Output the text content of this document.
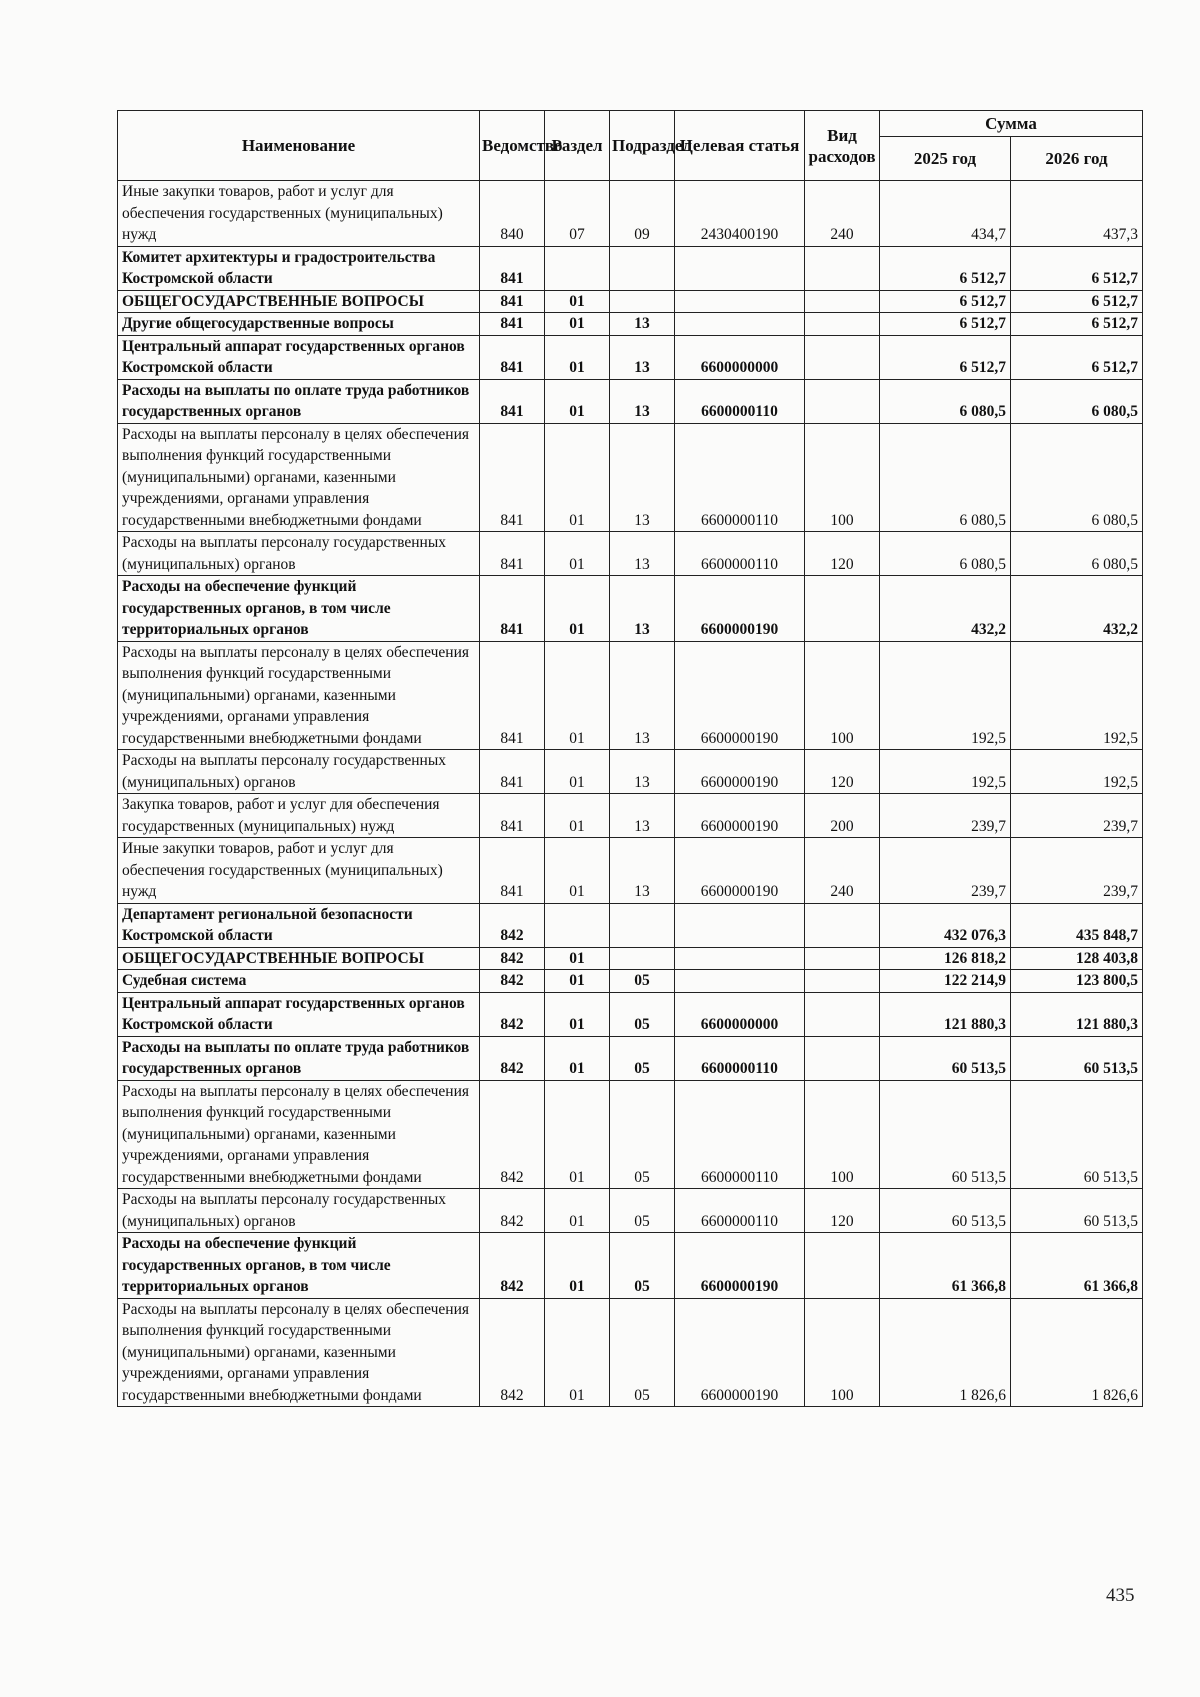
Наименование	Ведомство	Раздел	Подраздел	Целевая статья	Вид расходов	Сумма	
						2025 год	2026 год
Иные закупки товаров, работ и услуг для обеспечения государственных (муниципальных) нужд	840	07	09	2430400190	240	434,7	437,3
Комитет архитектуры и градостроительства Костромской области	841					6 512,7	6 512,7
ОБЩЕГОСУДАРСТВЕННЫЕ ВОПРОСЫ	841	01				6 512,7	6 512,7
Другие общегосударственные вопросы	841	01	13			6 512,7	6 512,7
Центральный аппарат государственных органов Костромской области	841	01	13	6600000000		6 512,7	6 512,7
Расходы на выплаты по оплате труда работников государственных органов	841	01	13	6600000110		6 080,5	6 080,5
Расходы на выплаты персоналу в целях обеспечения выполнения функций государственными (муниципальными) органами, казенными учреждениями, органами управления государственными внебюджетными фондами	841	01	13	6600000110	100	6 080,5	6 080,5
Расходы на выплаты персоналу государственных (муниципальных) органов	841	01	13	6600000110	120	6 080,5	6 080,5
Расходы на обеспечение функций государственных органов, в том числе территориальных органов	841	01	13	6600000190		432,2	432,2
Расходы на выплаты персоналу в целях обеспечения выполнения функций государственными (муниципальными) органами, казенными учреждениями, органами управления государственными внебюджетными фондами	841	01	13	6600000190	100	192,5	192,5
Расходы на выплаты персоналу государственных (муниципальных) органов	841	01	13	6600000190	120	192,5	192,5
Закупка товаров, работ и услуг для обеспечения государственных (муниципальных) нужд	841	01	13	6600000190	200	239,7	239,7
Иные закупки товаров, работ и услуг для обеспечения государственных (муниципальных) нужд	841	01	13	6600000190	240	239,7	239,7
Департамент региональной безопасности Костромской области	842					432 076,3	435 848,7
ОБЩЕГОСУДАРСТВЕННЫЕ ВОПРОСЫ	842	01				126 818,2	128 403,8
Судебная система	842	01	05			122 214,9	123 800,5
Центральный аппарат государственных органов Костромской области	842	01	05	6600000000		121 880,3	121 880,3
Расходы на выплаты по оплате труда работников государственных органов	842	01	05	6600000110		60 513,5	60 513,5
Расходы на выплаты персоналу в целях обеспечения выполнения функций государственными (муниципальными) органами, казенными учреждениями, органами управления государственными внебюджетными фондами	842	01	05	6600000110	100	60 513,5	60 513,5
Расходы на выплаты персоналу государственных (муниципальных) органов	842	01	05	6600000110	120	60 513,5	60 513,5
Расходы на обеспечение функций государственных органов, в том числе территориальных органов	842	01	05	6600000190		61 366,8	61 366,8
Расходы на выплаты персоналу в целях обеспечения выполнения функций государственными (муниципальными) органами, казенными учреждениями, органами управления государственными внебюджетными фондами	842	01	05	6600000190	100	1 826,6	1 826,6
435
